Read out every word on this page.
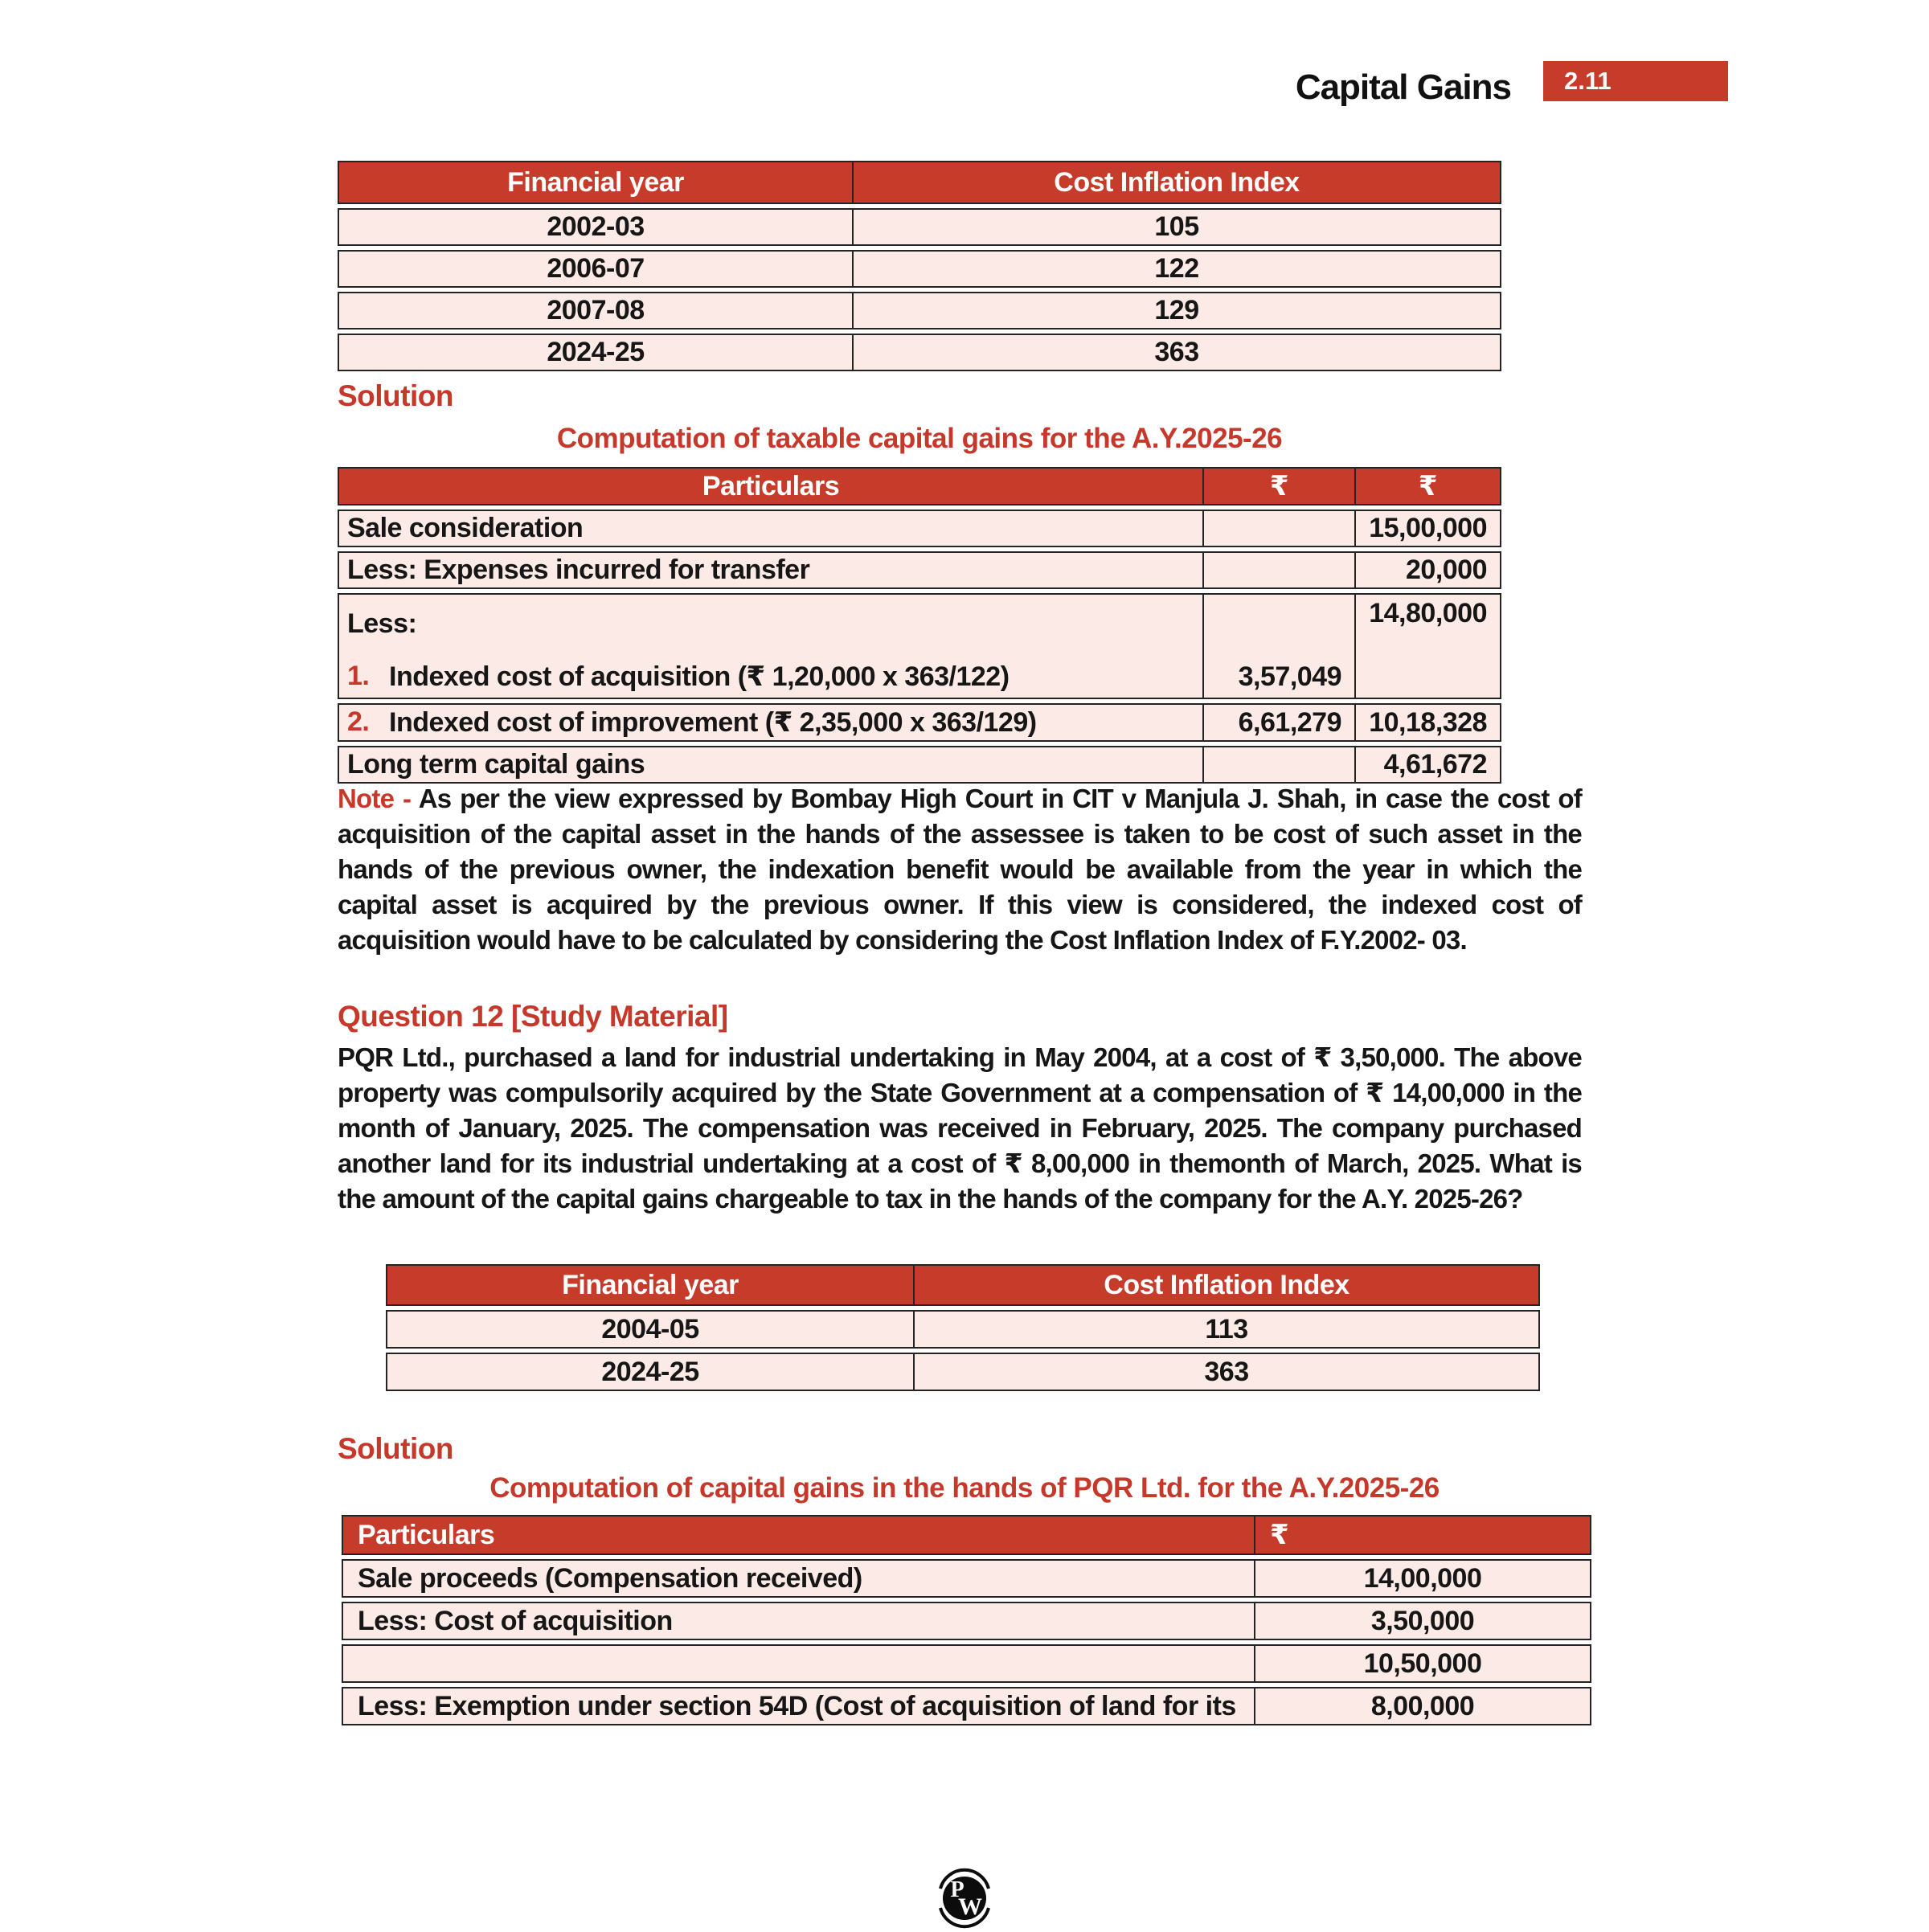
Capital Gains	2.11
Financial year	Cost Inflation Index
2002-03	105
2006-07	122
2007-08	129
2024-25	363
Solution
Computation of taxable capital gains for the A.Y.2025-26
Particulars	₹	₹
Sale consideration		15,00,000
Less: Expenses incurred for transfer		20,000

Less:
1. Indexed cost of acquisition (₹ 1,20,000 x 363/122)	3,57,049	14,80,000

2. Indexed cost of improvement (₹ 2,35,000 x 363/129)	6,61,279	10,18,328
Long term capital gains		4,61,672
Note - As per the view expressed by Bombay High Court in CIT v Manjula J. Shah, in case the cost of acquisition of the capital asset in the hands of the assessee is taken to be cost of such asset in the hands of the previous owner, the indexation benefit would be available from the year in which the capital asset is acquired by the previous owner. If this view is considered, the indexed cost of acquisition would have to be calculated by considering the Cost Inflation Index of F.Y.2002- 03.
Question 12 [Study Material]
PQR Ltd., purchased a land for industrial undertaking in May 2004, at a cost of ₹ 3,50,000. The above property was compulsorily acquired by the State Government at a compensation of ₹ 14,00,000 in the month of January, 2025. The compensation was received in February, 2025. The company purchased another land for its industrial undertaking at a cost of ₹ 8,00,000 in themonth of March, 2025. What is the amount of the capital gains chargeable to tax in the hands of the company for the A.Y. 2025-26?
Financial year	Cost Inflation Index
2004-05	113
2024-25	363
Solution
Computation of capital gains in the hands of PQR Ltd. for the A.Y.2025-26
Particulars	₹
Sale proceeds (Compensation received)	14,00,000
Less: Cost of acquisition	3,50,000
	10,50,000
Less: Exemption under section 54D (Cost of acquisition of land for its	8,00,000
P
W
